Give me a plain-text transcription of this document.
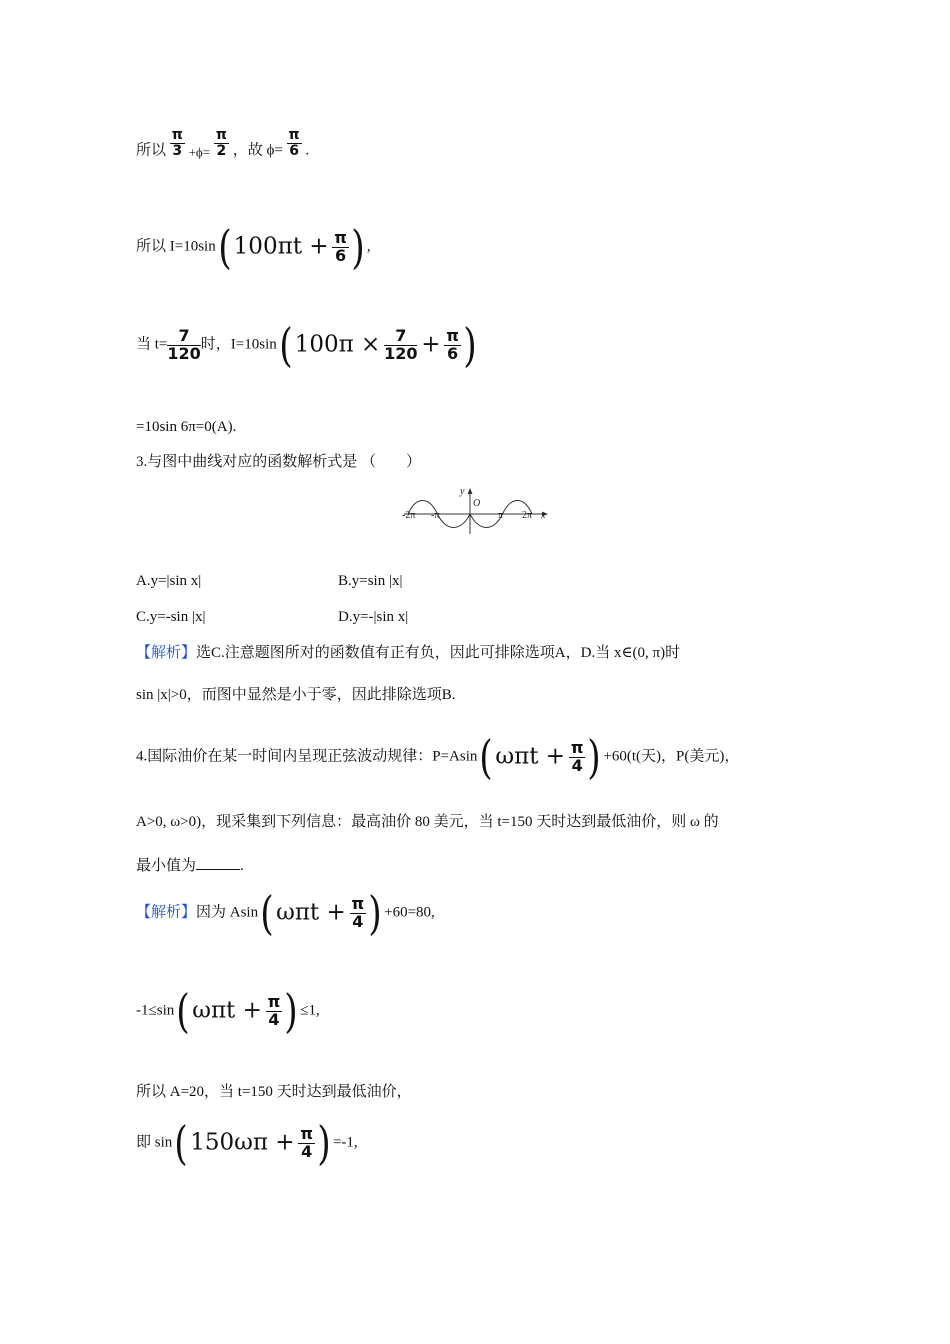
所以 $\frac{\pi}{3} +\phi= \frac{\pi}{2}$ ，故 $\phi= \frac{\pi}{6}$ .
所以 $I=10\sin(100\pi t + \frac{\pi}{6}$ ) ,
当 $t= \frac{7}{120}$ 时，$I=10\sin(100\pi \times \frac{7}{120} + \frac{\pi}{6}$ )
=10sin 6π=0(A).
3.与图中曲线对应的函数解析式是 （　　）
y
O
x
-2π -π	π 2π
A.y=|sin x|	B.y=sin |x|
C.y=-sin |x|	D.y=-|sin x|
【解析】选C.注意题图所对的函数值有正有负，因此可排除选项A，D.当 x∈(0, π)时
sin |x|>0，而图中显然是小于零，因此排除选项B.
4.国际油价在某一时间内呈现正弦波动规律：$P=Asin(\omega\pi t + \frac{\pi}{4}$ ) +60(t(天)，P(美元)，
A>0, ω>0)，现采集到下列信息：最高油价 80 美元，当 t=150 天时达到最低油价，则 ω 的
最小值为	.
【解析】因为 $Asin(\omega\pi t + \frac{\pi}{4}$ ) +60=80,
$-1\le\sin(\omega\pi t + \frac{\pi}{4}$ ) ≤1,
所以 A=20，当 t=150 天时达到最低油价，
即 $\sin(150\omega\pi + \frac{\pi}{4}$ ) =-1,
